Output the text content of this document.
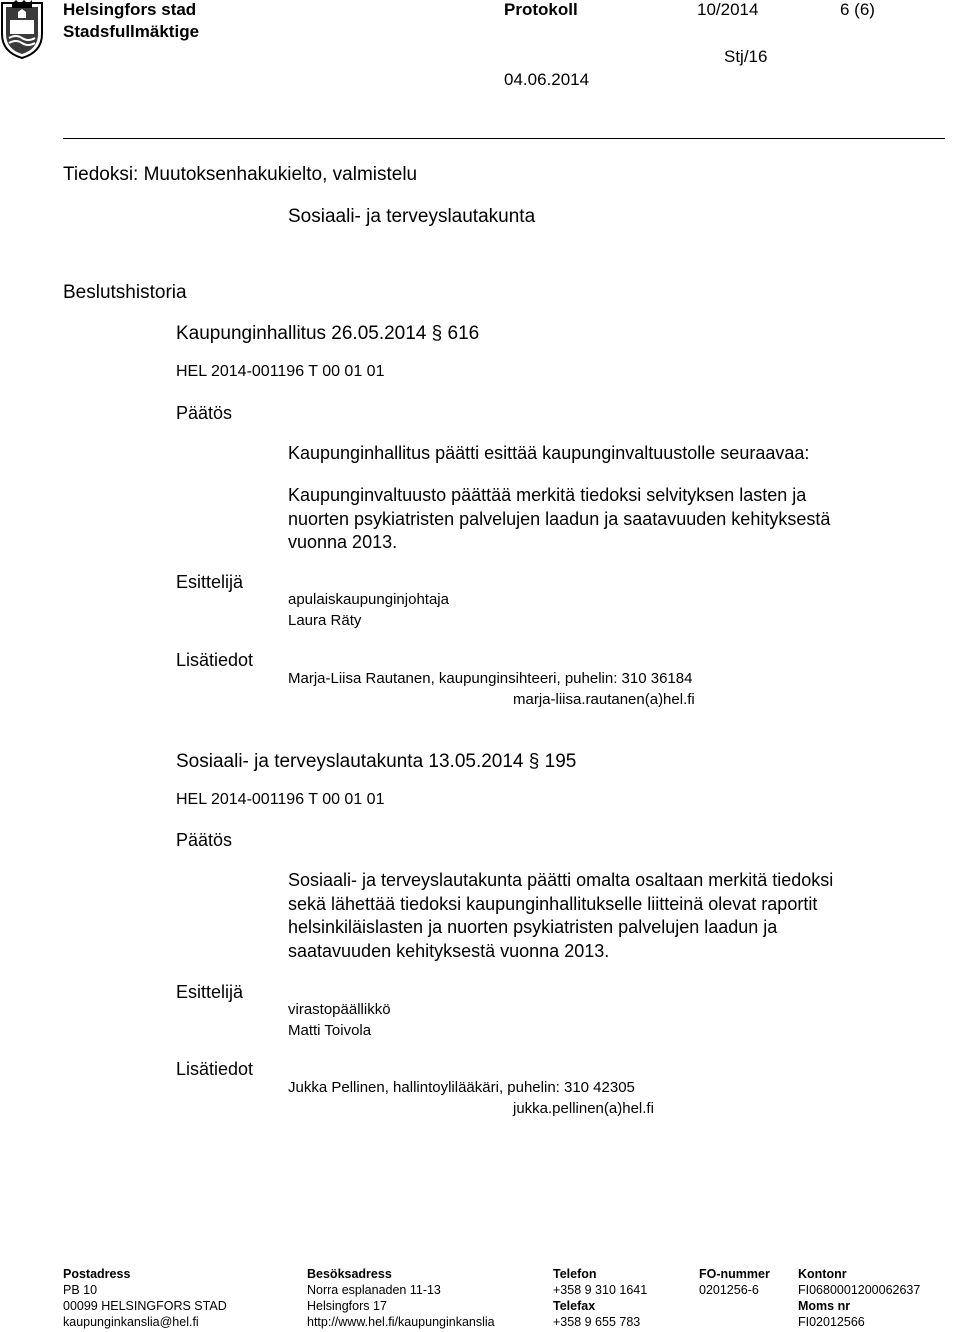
Helsingfors stad
Stadsfullmäktige
Protokoll	10/2014	6 (6)
Stj/16
04.06.2014
Tiedoksi: Muutoksenhakukielto, valmistelu
Sosiaali- ja terveyslautakunta
Beslutshistoria
Kaupunginhallitus 26.05.2014 § 616
HEL 2014-001196 T 00 01 01
Päätös
Kaupunginhallitus päätti esittää kaupunginvaltuustolle seuraavaa:
Kaupunginvaltuusto päättää merkitä tiedoksi selvityksen lasten ja
nuorten psykiatristen palvelujen laadun ja saatavuuden kehityksestä
vuonna 2013.
Esittelijä
apulaiskaupunginjohtaja
Laura Räty
Lisätiedot
Marja-Liisa Rautanen, kaupunginsihteeri, puhelin: 310 36184
marja-liisa.rautanen(a)hel.fi
Sosiaali- ja terveyslautakunta 13.05.2014 § 195
HEL 2014-001196 T 00 01 01
Päätös
Sosiaali- ja terveyslautakunta päätti omalta osaltaan merkitä tiedoksi
sekä lähettää tiedoksi kaupunginhallitukselle liitteinä olevat raportit
helsinkiläislasten ja nuorten psykiatristen palvelujen laadun ja
saatavuuden kehityksestä vuonna 2013.
Esittelijä
virastopäällikkö
Matti Toivola
Lisätiedot
Jukka Pellinen, hallintoylilääkäri, puhelin: 310 42305
jukka.pellinen(a)hel.fi
Postadress
PB 10
00099 HELSINGFORS STAD
kaupunginkanslia@hel.fi
Besöksadress
Norra esplanaden 11-13
Helsingfors 17
http://www.hel.fi/kaupunginkanslia
Telefon
+358 9 310 1641
Telefax
+358 9 655 783
FO-nummer
0201256-6
Kontonr
FI0680001200062637
Moms nr
FI02012566
